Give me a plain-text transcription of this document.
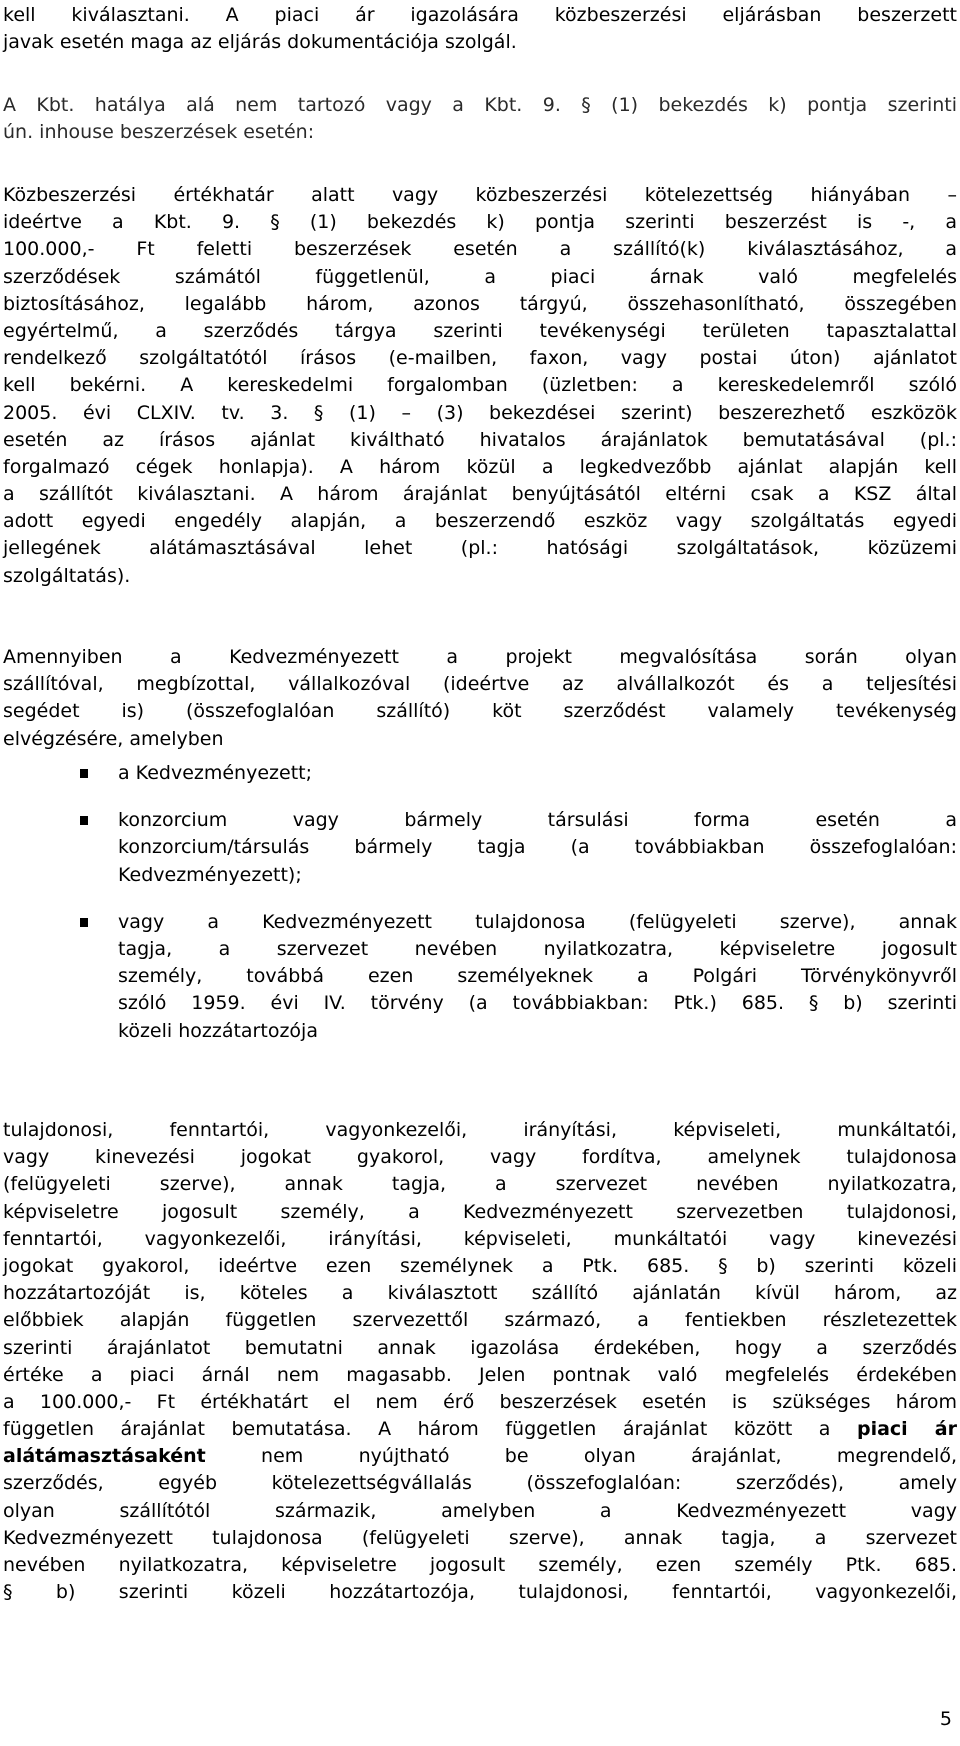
kell kiválasztani. A piaci ár igazolására közbeszerzési eljárásban beszerzett
javak esetén maga az eljárás dokumentációja szolgál.
A Kbt. hatálya alá nem tartozó vagy a Kbt. 9. § (1) bekezdés k) pontja szerinti
ún. inhouse beszerzések esetén:
Közbeszerzési értékhatár alatt vagy közbeszerzési kötelezettség hiányában –
ideértve a Kbt. 9. § (1) bekezdés k) pontja szerinti beszerzést is -, a
100.000,- Ft feletti beszerzések esetén a szállító(k) kiválasztásához, a
szerződések számától függetlenül, a piaci árnak való megfelelés
biztosításához, legalább három, azonos tárgyú, összehasonlítható, összegében
egyértelmű, a szerződés tárgya szerinti tevékenységi területen tapasztalattal
rendelkező szolgáltatótól írásos (e-mailben, faxon, vagy postai úton) ajánlatot
kell bekérni. A kereskedelmi forgalomban (üzletben: a kereskedelemről szóló
2005. évi CLXIV. tv. 3. § (1) – (3) bekezdései szerint) beszerezhető eszközök
esetén az írásos ajánlat kiváltható hivatalos árajánlatok bemutatásával (pl.:
forgalmazó cégek honlapja). A három közül a legkedvezőbb ajánlat alapján kell
a szállítót kiválasztani. A három árajánlat benyújtásától eltérni csak a KSZ által
adott egyedi engedély alapján, a beszerzendő eszköz vagy szolgáltatás egyedi
jellegének alátámasztásával lehet (pl.: hatósági szolgáltatások, közüzemi
szolgáltatás).
Amennyiben a Kedvezményezett a projekt megvalósítása során olyan
szállítóval, megbízottal, vállalkozóval (ideértve az alvállalkozót és a teljesítési
segédet is) (összefoglalóan szállító) köt szerződést valamely tevékenység
elvégzésére, amelyben
a Kedvezményezett;
konzorcium vagy bármely társulási forma esetén a
konzorcium/társulás bármely tagja (a továbbiakban összefoglalóan:
Kedvezményezett);
vagy a Kedvezményezett tulajdonosa (felügyeleti szerve), annak
tagja, a szervezet nevében nyilatkozatra, képviseletre jogosult
személy, továbbá ezen személyeknek a Polgári Törvénykönyvről
szóló 1959. évi IV. törvény (a továbbiakban: Ptk.) 685. § b) szerinti
közeli hozzátartozója
tulajdonosi, fenntartói, vagyonkezelői, irányítási, képviseleti, munkáltatói,
vagy kinevezési jogokat gyakorol, vagy fordítva, amelynek tulajdonosa
(felügyeleti szerve), annak tagja, a szervezet nevében nyilatkozatra,
képviseletre jogosult személy, a Kedvezményezett szervezetben tulajdonosi,
fenntartói, vagyonkezelői, irányítási, képviseleti, munkáltatói vagy kinevezési
jogokat gyakorol, ideértve ezen személynek a Ptk. 685. § b) szerinti közeli
hozzátartozóját is, köteles a kiválasztott szállító ajánlatán kívül három, az
előbbiek alapján független szervezettől származó, a fentiekben részletezettek
szerinti árajánlatot bemutatni annak igazolása érdekében, hogy a szerződés
értéke a piaci árnál nem magasabb. Jelen pontnak való megfelelés érdekében
a 100.000,- Ft értékhatárt el nem érő beszerzések esetén is szükséges három
független árajánlat bemutatása. A három független árajánlat között a piaci ár
alátámasztásaként nem nyújtható be olyan árajánlat, megrendelő,
szerződés, egyéb kötelezettségvállalás (összefoglalóan: szerződés), amely
olyan szállítótól származik, amelyben a Kedvezményezett vagy
Kedvezményezett tulajdonosa (felügyeleti szerve), annak tagja, a szervezet
nevében nyilatkozatra, képviseletre jogosult személy, ezen személy Ptk. 685.
§ b) szerinti közeli hozzátartozója, tulajdonosi, fenntartói, vagyonkezelői,
5
